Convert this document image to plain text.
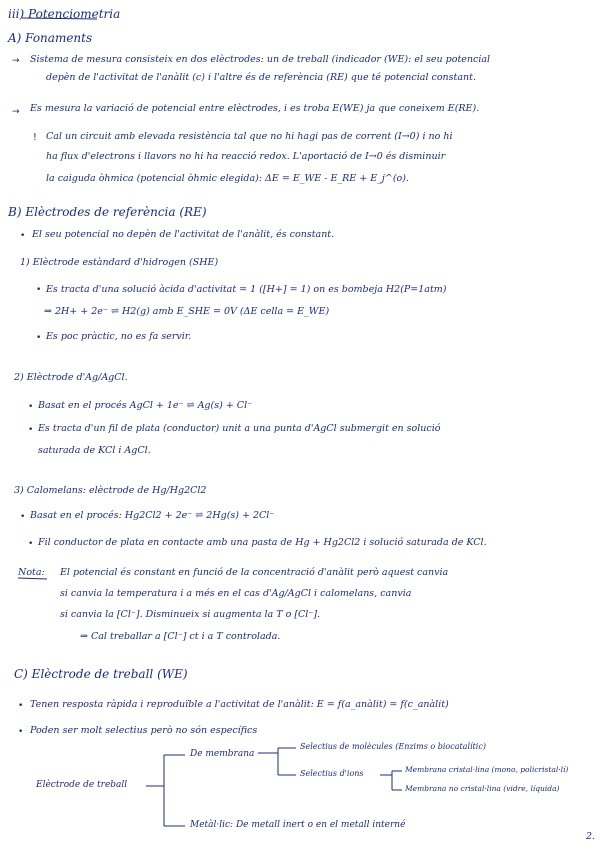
iii) Potenciometria
A) Fonaments
→ Sistema de mesura consisteix en dos elèctrodes: un de treball (indicador (WE): el seu potencial
depèn de l'activitat de l'anàlit (c) i l'altre és de referència (RE) que té potencial constant.
→ Es mesura la variació de potencial entre elèctrodes, i es troba E(WE) ja que coneixem E(RE).
! Cal un circuit amb elevada resistència tal que no hi hagi pas de corrent (I→0) i no hi
ha flux d'electrons i llavors no hi ha reacció redox. L'aportació de I→0 és disminuir
la caiguda òhmica (potencial òhmic elegida): ΔE = E_WE - E_RE + E_j^(o).
B) Elèctrodes de referència (RE)
• El seu potencial no depèn de l'activitat de l'anàlit, és constant.
1) Elèctrode estàndard d'hidrogen (SHE)
• Es tracta d'una solució àcida d'activitat = 1 ([H+] = 1) on es bombeja H2(P=1atm)
⇒ 2H+ + 2e⁻ ⇌ H2(g) amb E_SHE = 0V (ΔE cella = E_WE)
• Es poc pràctic, no es fa servir.
2) Elèctrode d'Ag/AgCl.
• Basat en el procés AgCl + 1e⁻ ⇌ Ag(s) + Cl⁻
• Es tracta d'un fil de plata (conductor) unit a una punta d'AgCl submergit en solució
saturada de KCl i AgCl.
3) Calomelans: elèctrode de Hg/Hg2Cl2
• Basat en el procés: Hg2Cl2 + 2e⁻ ⇌ 2Hg(s) + 2Cl⁻
• Fil conductor de plata en contacte amb una pasta de Hg + Hg2Cl2 i solució saturada de KCl.
Nota: El potencial és constant en funció de la concentració d'anàlit però aquest canvia
si canvia la temperatura i a més en el cas d'Ag/AgCl i calomelans, canvia
si canvia la [Cl⁻]. Disminueix si augmenta la T o [Cl⁻].
⇒ Cal treballar a [Cl⁻] ct i a T controlada.
C) Elèctrode de treball (WE)
• Tenen resposta ràpida i reproduïble a l'activitat de l'anàlit: E = f(a_anàlit) = f(c_anàlit)
• Poden ser molt selectius però no són específics
Elèctrode de treball
De membrana
Selectius de molècules (Enzims o biocatalític)
Selectius d'ions	Membrana cristal·lina (mono, policristal·lí)
Membrana no cristal·lina (vidre, líquida)
Metàl·lic: De metall inert o en el metall interné
2.
